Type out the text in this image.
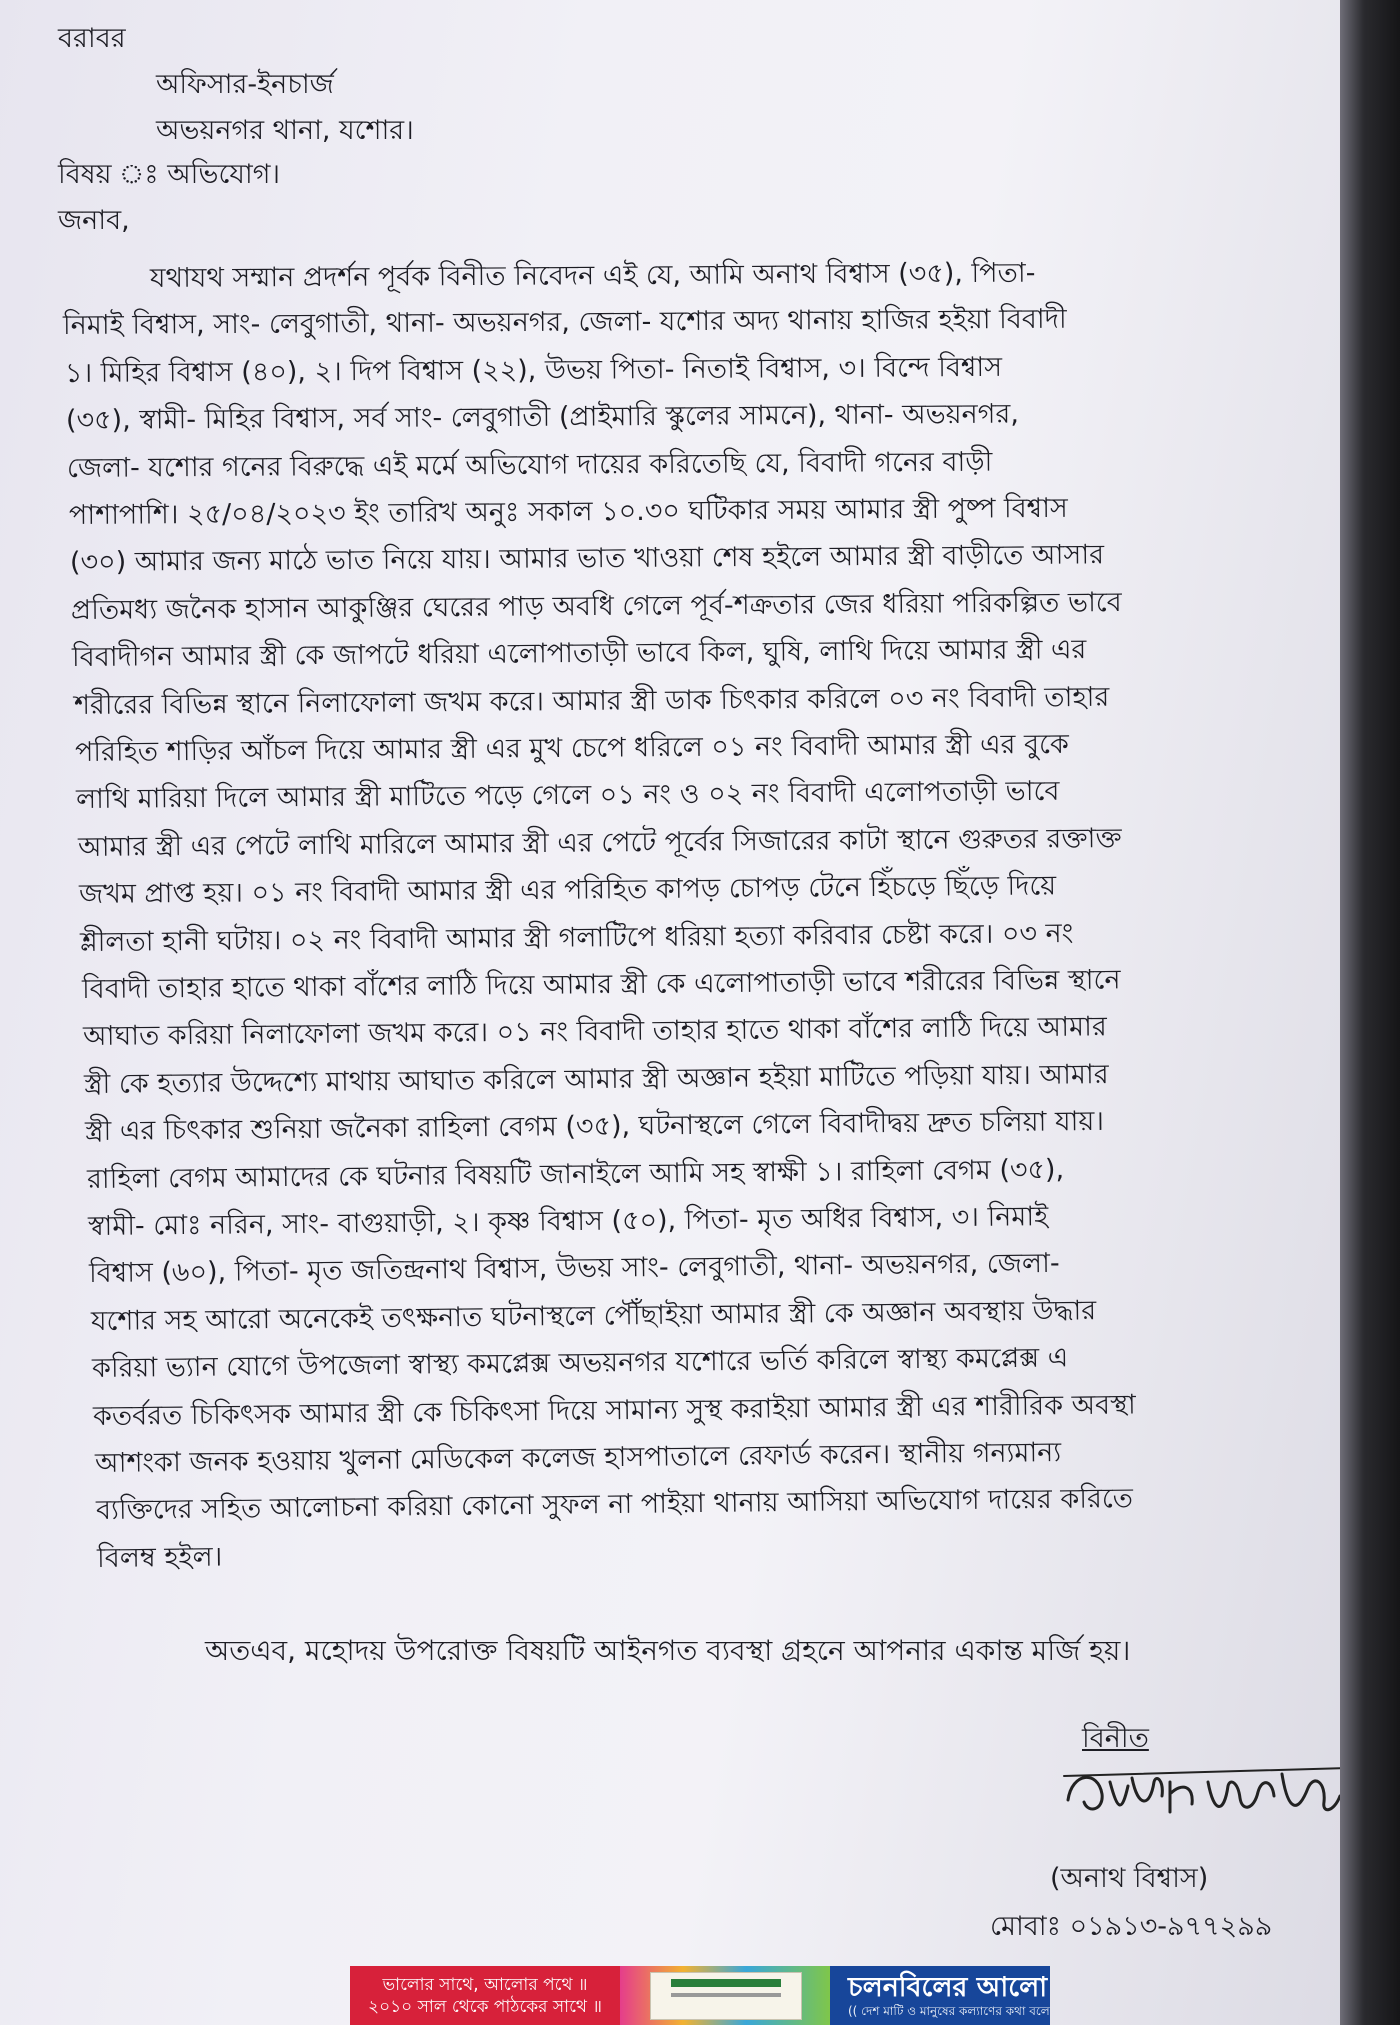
বরাবর
অফিসার-ইনচার্জ
অভয়নগর থানা, যশোর।
বিষয় ঃ অভিযোগ।
জনাব,
যথাযথ সম্মান প্রদর্শন পূর্বক বিনীত নিবেদন এই যে, আমি অনাথ বিশ্বাস (৩৫), পিতা-
নিমাই বিশ্বাস, সাং- লেবুগাতী, থানা- অভয়নগর, জেলা- যশোর অদ্য থানায় হাজির হইয়া বিবাদী
১। মিহির বিশ্বাস (৪০), ২। দিপ বিশ্বাস (২২), উভয় পিতা- নিতাই বিশ্বাস, ৩। বিন্দে বিশ্বাস
(৩৫), স্বামী- মিহির বিশ্বাস, সর্ব সাং- লেবুগাতী (প্রাইমারি স্কুলের সামনে), থানা- অভয়নগর,
জেলা- যশোর গনের বিরুদ্ধে এই মর্মে অভিযোগ দায়ের করিতেছি যে, বিবাদী গনের বাড়ী
পাশাপাশি। ২৫/০৪/২০২৩ ইং তারিখ অনুঃ সকাল ১০.৩০ ঘটিকার সময় আমার স্ত্রী পুষ্প বিশ্বাস
(৩০) আমার জন্য মাঠে ভাত নিয়ে যায়। আমার ভাত খাওয়া শেষ হইলে আমার স্ত্রী বাড়ীতে আসার
প্রতিমধ্য জনৈক হাসান আকুঞ্জির ঘেরের পাড় অবধি গেলে পূর্ব-শক্রতার জের ধরিয়া পরিকল্পিত ভাবে
বিবাদীগন আমার স্ত্রী কে জাপটে ধরিয়া এলোপাতাড়ী ভাবে কিল, ঘুষি, লাথি দিয়ে আমার স্ত্রী এর
শরীরের বিভিন্ন স্থানে নিলাফোলা জখম করে। আমার স্ত্রী ডাক চিৎকার করিলে ০৩ নং বিবাদী তাহার
পরিহিত শাড়ির আঁচল দিয়ে আমার স্ত্রী এর মুখ চেপে ধরিলে ০১ নং বিবাদী আমার স্ত্রী এর বুকে
লাথি মারিয়া দিলে আমার স্ত্রী মাটিতে পড়ে গেলে ০১ নং ও ০২ নং বিবাদী এলোপতাড়ী ভাবে
আমার স্ত্রী এর পেটে লাথি মারিলে আমার স্ত্রী এর পেটে পূর্বের সিজারের কাটা স্থানে গুরুতর রক্তাক্ত
জখম প্রাপ্ত হয়। ০১ নং বিবাদী আমার স্ত্রী এর পরিহিত কাপড় চোপড় টেনে হিঁচড়ে ছিঁড়ে দিয়ে
শ্লীলতা হানী ঘটায়। ০২ নং বিবাদী আমার স্ত্রী গলাটিপে ধরিয়া হত্যা করিবার চেষ্টা করে। ০৩ নং
বিবাদী তাহার হাতে থাকা বাঁশের লাঠি দিয়ে আমার স্ত্রী কে এলোপাতাড়ী ভাবে শরীরের বিভিন্ন স্থানে
আঘাত করিয়া নিলাফোলা জখম করে। ০১ নং বিবাদী তাহার হাতে থাকা বাঁশের লাঠি দিয়ে আমার
স্ত্রী কে হত্যার উদ্দেশ্যে মাথায় আঘাত করিলে আমার স্ত্রী অজ্ঞান হইয়া মাটিতে পড়িয়া যায়। আমার
স্ত্রী এর চিৎকার শুনিয়া জনৈকা রাহিলা বেগম (৩৫), ঘটনাস্থলে গেলে বিবাদীদ্বয় দ্রুত চলিয়া যায়।
রাহিলা বেগম আমাদের কে ঘটনার বিষয়টি জানাইলে আমি সহ স্বাক্ষী ১। রাহিলা বেগম (৩৫),
স্বামী- মোঃ নরিন, সাং- বাগুয়াড়ী, ২। কৃষ্ণ বিশ্বাস (৫০), পিতা- মৃত অধির বিশ্বাস, ৩। নিমাই
বিশ্বাস (৬০), পিতা- মৃত জতিন্দ্রনাথ বিশ্বাস, উভয় সাং- লেবুগাতী, থানা- অভয়নগর, জেলা-
যশোর সহ আরো অনেকেই তৎক্ষনাত ঘটনাস্থলে পৌঁছাইয়া আমার স্ত্রী কে অজ্ঞান অবস্থায় উদ্ধার
করিয়া ভ্যান যোগে উপজেলা স্বাস্থ্য কমপ্লেক্স অভয়নগর যশোরে ভর্তি করিলে স্বাস্থ্য কমপ্লেক্স এ
কতর্বরত চিকিৎসক আমার স্ত্রী কে চিকিৎসা দিয়ে সামান্য সুস্থ করাইয়া আমার স্ত্রী এর শারীরিক অবস্থা
আশংকা জনক হওয়ায় খুলনা মেডিকেল কলেজ হাসপাতালে রেফার্ড করেন। স্থানীয় গন্যমান্য
ব্যক্তিদের সহিত আলোচনা করিয়া কোনো সুফল না পাইয়া থানায় আসিয়া অভিযোগ দায়ের করিতে
বিলম্ব হইল।
অতএব, মহোদয় উপরোক্ত বিষয়টি আইনগত ব্যবস্থা গ্রহনে আপনার একান্ত মর্জি হয়।
বিনীত
(অনাথ বিশ্বাস)
মোবাঃ ০১৯১৩-৯৭৭২৯৯
ভালোর সাথে, আলোর পথে ॥
২০১০ সাল থেকে পাঠকের সাথে ॥
চলনবিলের আলো
(( দেশ মাটি ও মানুষের কল্যাণের কথা বলে
